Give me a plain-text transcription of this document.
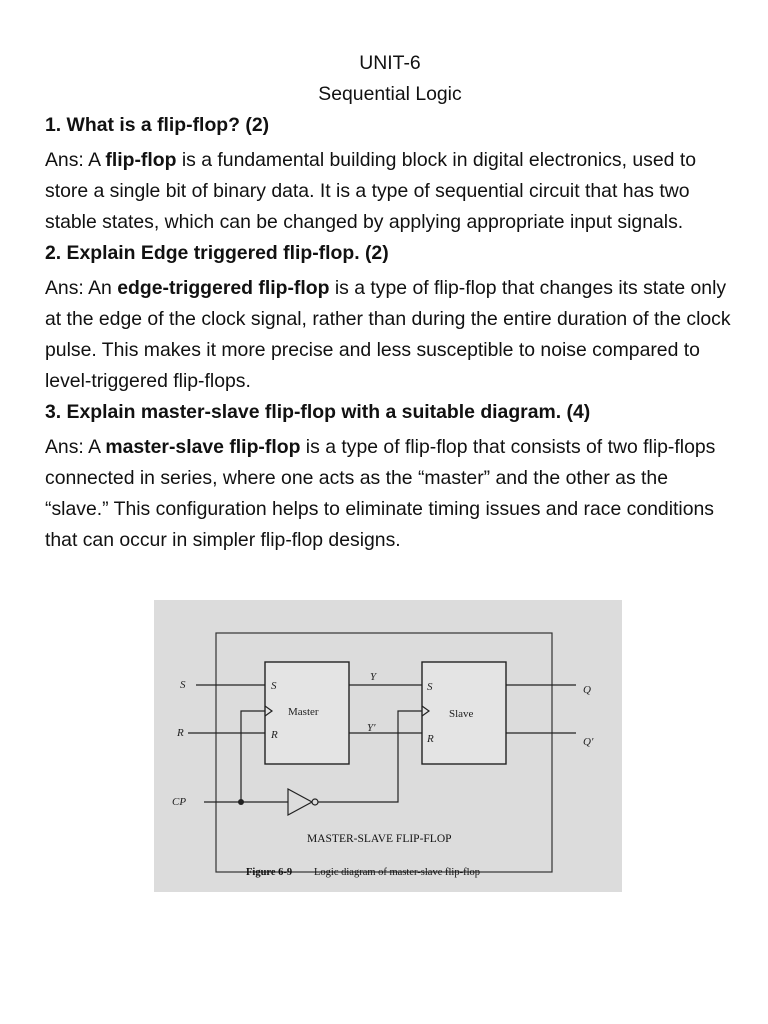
UNIT-6

Sequential Logic

1. What is a flip-flop? (2)

Ans: A flip-flop is a fundamental building block in digital electronics, used to store a single bit of binary data. It is a type of sequential circuit that has two stable states, which can be changed by applying appropriate input signals.

2. Explain Edge triggered flip-flop. (2)

Ans: An edge-triggered flip-flop is a type of flip-flop that changes its state only at the edge of the clock signal, rather than during the entire duration of the clock pulse. This makes it more precise and less susceptible to noise compared to level-triggered flip-flops.

3. Explain master-slave flip-flop with a suitable diagram. (4)

Ans: A master-slave flip-flop is a type of flip-flop that consists of two flip-flops connected in series, where one acts as the “master” and the other as the “slave.” This configuration helps to eliminate timing issues and race conditions that can occur in simpler flip-flop designs.

S
R
CP
S
R
S
R
Y
Y′
Q
Q′
Master	Slave
MASTER-SLAVE FLIP-FLOP
Figure 6-9 Logic diagram of master-slave flip-flop
